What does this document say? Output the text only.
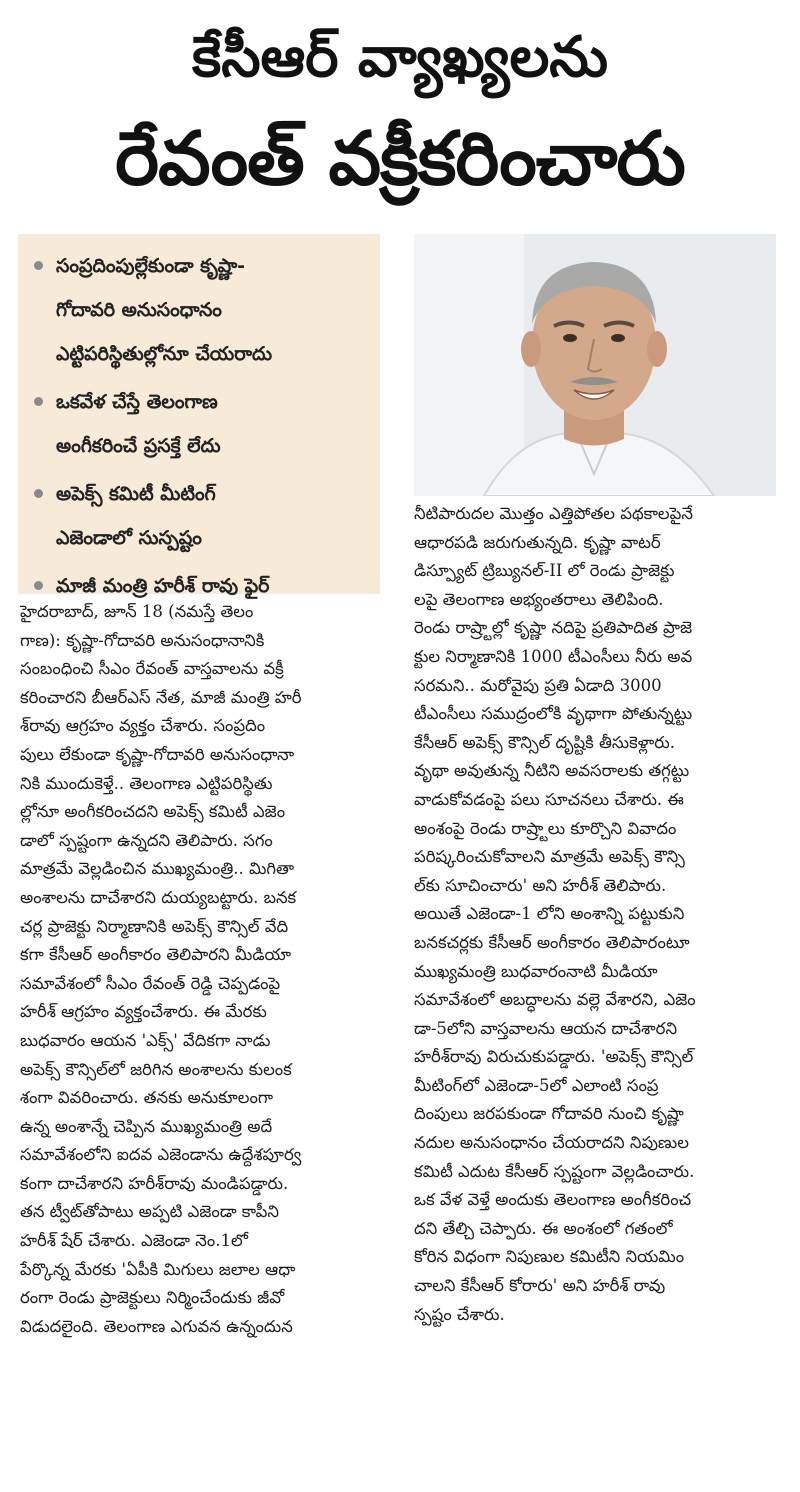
కేసీఆర్ వ్యాఖ్యలను
రేవంత్ వక్రీకరించారు
సంప్రదింపుల్లేకుండా కృష్ణా-
గోదావరి అనుసంధానం
ఎట్టిపరిస్థితుల్లోనూ చేయరాదు
ఒకవేళ చేస్తే తెలంగాణ
అంగీకరించే ప్రసక్తే లేదు
అపెక్స్ కమిటీ మీటింగ్
ఎజెండాలో సుస్పష్టం
మాజీ మంత్రి హరీశ్ రావు ఫైర్
హైదరాబాద్, జూన్ 18 (నమస్తే తెలం
గాణ): కృష్ణా-గోదావరి అనుసంధానానికి
సంబంధించి సీఎం రేవంత్ వాస్తవాలను వక్రీ
కరించారని బీఆర్ఎస్ నేత, మాజీ మంత్రి హరీ
శ్‌రావు ఆగ్రహం వ్యక్తం చేశారు. సంప్రదిం
పులు లేకుండా కృష్ణా-గోదావరి అనుసంధానా
నికి ముందుకెళ్తే.. తెలంగాణ ఎట్టిపరిస్థితు
ల్లోనూ అంగీకరించదని అపెక్స్ కమిటీ ఎజెం
డాలో స్పష్టంగా ఉన్నదని తెలిపారు. సగం
మాత్రమే వెల్లడించిన ముఖ్యమంత్రి.. మిగితా
అంశాలను దాచేశారని దుయ్యబట్టారు. బనక
చర్ల ప్రాజెక్టు నిర్మాణానికి అపెక్స్ కౌన్సిల్ వేది
కగా కేసీఆర్ అంగీకారం తెలిపారని మీడియా
సమావేశంలో సీఎం రేవంత్ రెడ్డి చెప్పడంపై
హరీశ్ ఆగ్రహం వ్యక్తంచేశారు. ఈ మేరకు
బుధవారం ఆయన 'ఎక్స్' వేదికగా నాడు
అపెక్స్ కౌన్సిల్‌లో జరిగిన అంశాలను కులంక
శంగా వివరించారు. తనకు అనుకూలంగా
ఉన్న అంశాన్నే చెప్పిన ముఖ్యమంత్రి అదే
సమావేశంలోని ఐదవ ఎజెండాను ఉద్దేశపూర్వ
కంగా దాచేశారని హరీశ్‌రావు మండిపడ్డారు.
తన ట్వీట్‌తోపాటు అప్పటి ఎజెండా కాపీని
హరీశ్ షేర్ చేశారు. ఎజెండా నెం.1లో
పేర్కొన్న మేరకు 'ఏపీకి మిగులు జలాల ఆధా
రంగా రెండు ప్రాజెక్టులు నిర్మించేందుకు జీవో
విడుదలైంది. తెలంగాణ ఎగువన ఉన్నందున
నీటిపారుదల మొత్తం ఎత్తిపోతల పథకాలపైనే
ఆధారపడి జరుగుతున్నది. కృష్ణా వాటర్
డిస్ప్యూట్ ట్రిబ్యునల్-II లో రెండు ప్రాజెక్టు
లపై తెలంగాణ అభ్యంతరాలు తెలిపింది.
రెండు రాష్ర్టాల్లో కృష్ణా నదిపై ప్రతిపాదిత ప్రాజె
క్టుల నిర్మాణానికి 1000 టీఎంసీలు నీరు అవ
సరమని.. మరోవైపు ప్రతి ఏడాది 3000
టీఎంసీలు సముద్రంలోకి వృథాగా పోతున్నట్టు
కేసీఆర్ అపెక్స్ కౌన్సిల్ దృష్టికి తీసుకెళ్లారు.
వృథా అవుతున్న నీటిని అవసరాలకు తగ్గట్టు
వాడుకోవడంపై పలు సూచనలు చేశారు. ఈ
అంశంపై రెండు రాష్ర్టాలు కూర్చొని వివాదం
పరిష్కరించుకోవాలని మాత్రమే అపెక్స్ కౌన్సి
ల్‌కు సూచించారు' అని హరీశ్ తెలిపారు.
అయితే ఎజెండా-1 లోని అంశాన్ని పట్టుకుని
బనకచర్లకు కేసీఆర్ అంగీకారం తెలిపారంటూ
ముఖ్యమంత్రి బుధవారంనాటి మీడియా
సమావేశంలో అబద్ధాలను వల్లె వేశారని, ఎజెం
డా-5లోని వాస్తవాలను ఆయన దాచేశారని
హరీశ్‌రావు విరుచుకుపడ్డారు. 'అపెక్స్ కౌన్సిల్
మీటింగ్‌లో ఎజెండా-5లో ఎలాంటి సంప్ర
దింపులు జరపకుండా గోదావరి నుంచి కృష్ణా
నదుల అనుసంధానం చేయరాదని నిపుణుల
కమిటీ ఎదుట కేసీఆర్ స్పష్టంగా వెల్లడించారు.
ఒక వేళ వెళ్తే అందుకు తెలంగాణ అంగీకరించ
దని తేల్చి చెప్పారు. ఈ అంశంలో గతంలో
కోరిన విధంగా నిపుణుల కమిటీని నియమిం
చాలని కేసీఆర్ కోరారు' అని హరీశ్ రావు
స్పష్టం చేశారు.
